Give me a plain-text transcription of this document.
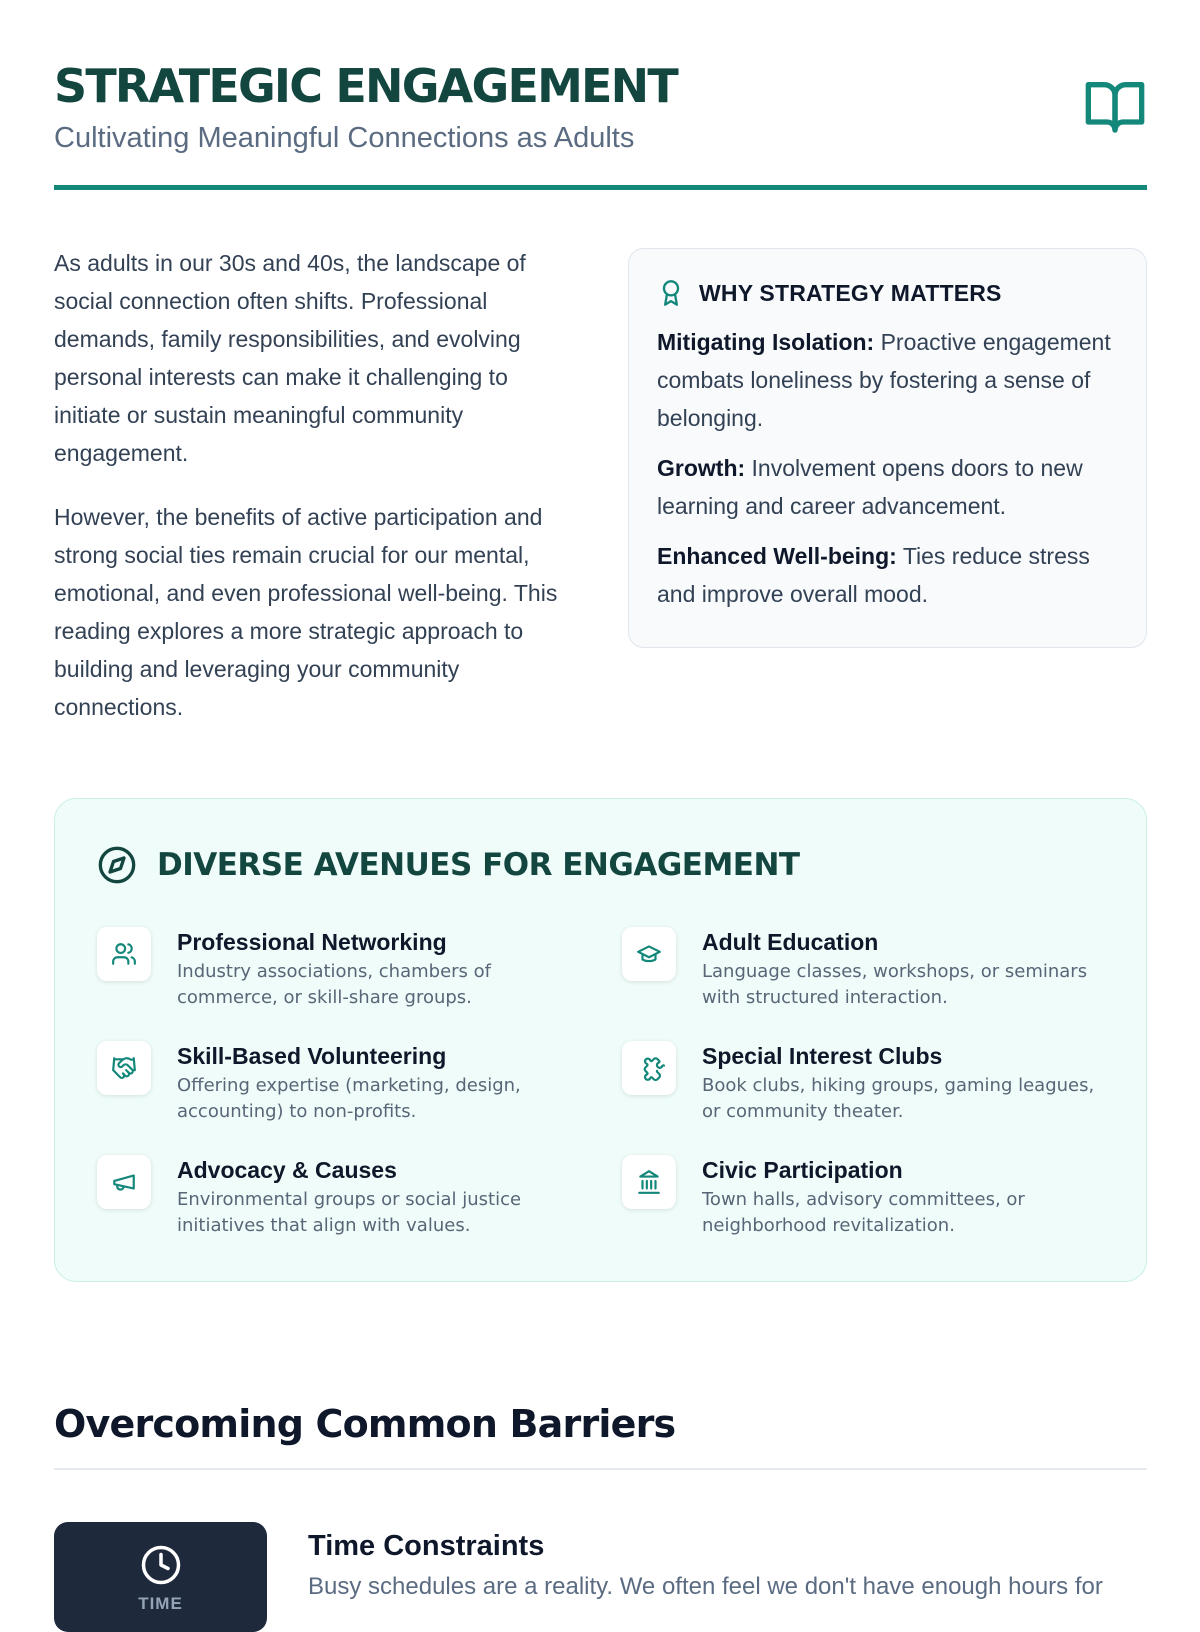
STRATEGIC ENGAGEMENT
Cultivating Meaningful Connections as Adults

As adults in our 30s and 40s, the landscape of social connection often shifts. Professional demands, family responsibilities, and evolving personal interests can make it challenging to initiate or sustain meaningful community engagement.

However, the benefits of active participation and strong social ties remain crucial for our mental, emotional, and even professional well-being. This reading explores a more strategic approach to building and leveraging your community connections.

WHY STRATEGY MATTERS
Mitigating Isolation: Proactive engagement combats loneliness by fostering a sense of belonging.
Growth: Involvement opens doors to new learning and career advancement.
Enhanced Well-being: Ties reduce stress and improve overall mood.
DIVERSE AVENUES FOR ENGAGEMENT
Professional Networking
Industry associations, chambers of commerce, or skill-share groups.
Adult Education
Language classes, workshops, or seminars with structured interaction.
Skill-Based Volunteering
Offering expertise (marketing, design, accounting) to non-profits.
Special Interest Clubs
Book clubs, hiking groups, gaming leagues, or community theater.
Advocacy & Causes
Environmental groups or social justice initiatives that align with values.
Civic Participation
Town halls, advisory committees, or neighborhood revitalization.
Overcoming Common Barriers
TIME
Time Constraints
Busy schedules are a reality. We often feel we don't have enough hours for
